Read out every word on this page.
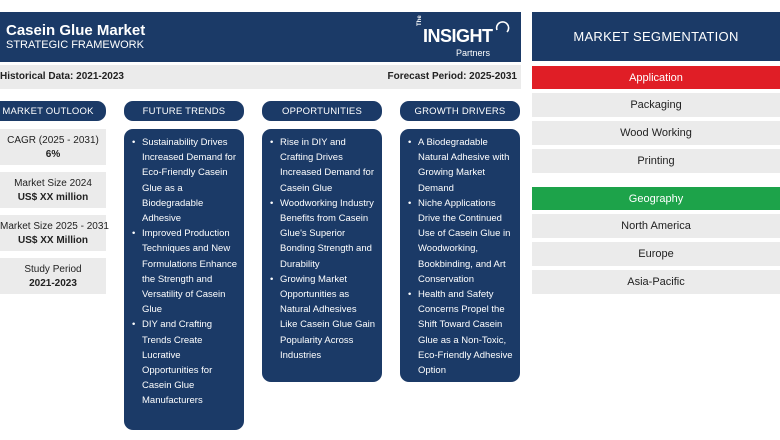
Casein Glue Market
STRATEGIC FRAMEWORK
The
INSIGHT
Partners
Historical Data: 2021-2023	Forecast Period: 2025-2031
MARKET OUTLOOK
CAGR (2025 - 2031)
6%
Market Size 2024
US$ XX million
Market Size 2025 - 2031
US$ XX Million
Study Period
2021-2023
FUTURE TRENDS
• Sustainability Drives Increased Demand for Eco-Friendly Casein Glue as a Biodegradable Adhesive
• Improved Production Techniques and New Formulations Enhance the Strength and Versatility of Casein Glue
• DIY and Crafting Trends Create Lucrative Opportunities for Casein Glue Manufacturers
OPPORTUNITIES
• Rise in DIY and Crafting Drives Increased Demand for Casein Glue
• Woodworking Industry Benefits from Casein Glue's Superior Bonding Strength and Durability
• Growing Market Opportunities as Natural Adhesives Like Casein Glue Gain Popularity Across Industries
GROWTH DRIVERS
• A Biodegradable Natural Adhesive with Growing Market Demand
• Niche Applications Drive the Continued Use of Casein Glue in Woodworking, Bookbinding, and Art Conservation
• Health and Safety Concerns Propel the Shift Toward Casein Glue as a Non-Toxic, Eco-Friendly Adhesive Option
MARKET SEGMENTATION
Application
Packaging
Wood Working
Printing
Geography
North America
Europe
Asia-Pacific
